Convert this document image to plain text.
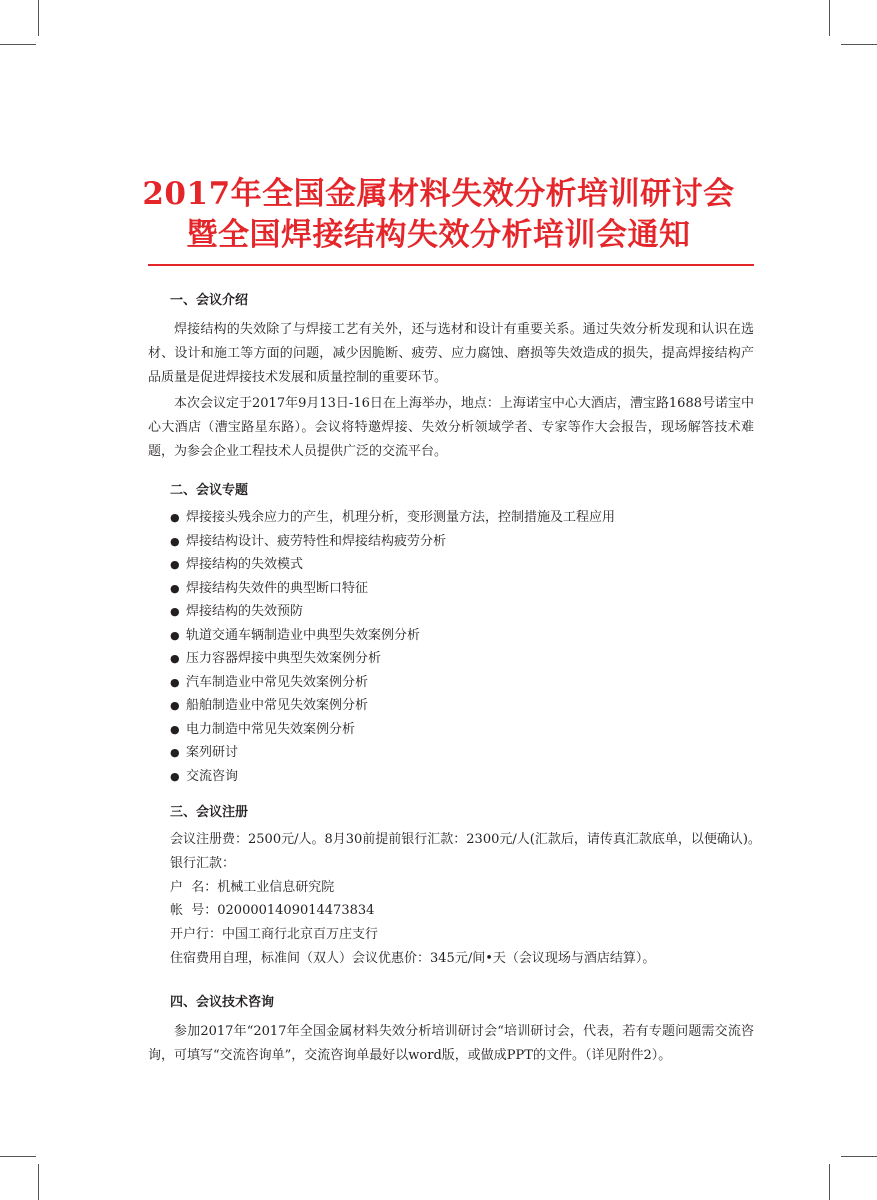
2017年全国金属材料失效分析培训研讨会
暨全国焊接结构失效分析培训会通知
一、会议介绍

焊接结构的失效除了与焊接工艺有关外，还与选材和设计有重要关系。通过失效分析发现和认识在选材、设计和施工等方面的问题，减少因脆断、疲劳、应力腐蚀、磨损等失效造成的损失，提高焊接结构产品质量是促进焊接技术发展和质量控制的重要环节。

本次会议定于2017年9月13日-16日在上海举办，地点：上海诺宝中心大酒店，漕宝路1688号诺宝中心大酒店（漕宝路星东路）。会议将特邀焊接、失效分析领域学者、专家等作大会报告，现场解答技术难题，为参会企业工程技术人员提供广泛的交流平台。

二、会议专题
● 焊接接头残余应力的产生，机理分析，变形测量方法，控制措施及工程应用
● 焊接结构设计、疲劳特性和焊接结构疲劳分析
● 焊接结构的失效模式
● 焊接结构失效件的典型断口特征
● 焊接结构的失效预防
● 轨道交通车辆制造业中典型失效案例分析
● 压力容器焊接中典型失效案例分析
● 汽车制造业中常见失效案例分析
● 船舶制造业中常见失效案例分析
● 电力制造中常见失效案例分析
● 案列研讨
● 交流咨询
三、会议注册
会议注册费：2500元/人。8月30前提前银行汇款：2300元/人(汇款后，请传真汇款底单，以便确认)。
银行汇款：
户  名：机械工业信息研究院
帐  号：0200001409014473834
开户行：中国工商行北京百万庄支行
住宿费用自理，标准间（双人）会议优惠价：345元/间•天（会议现场与酒店结算）。
四、会议技术咨询

参加2017年“2017年全国金属材料失效分析培训研讨会“培训研讨会，代表，若有专题问题需交流咨询，可填写“交流咨询单”，交流咨询单最好以word版，或做成PPT的文件。（详见附件2）。
